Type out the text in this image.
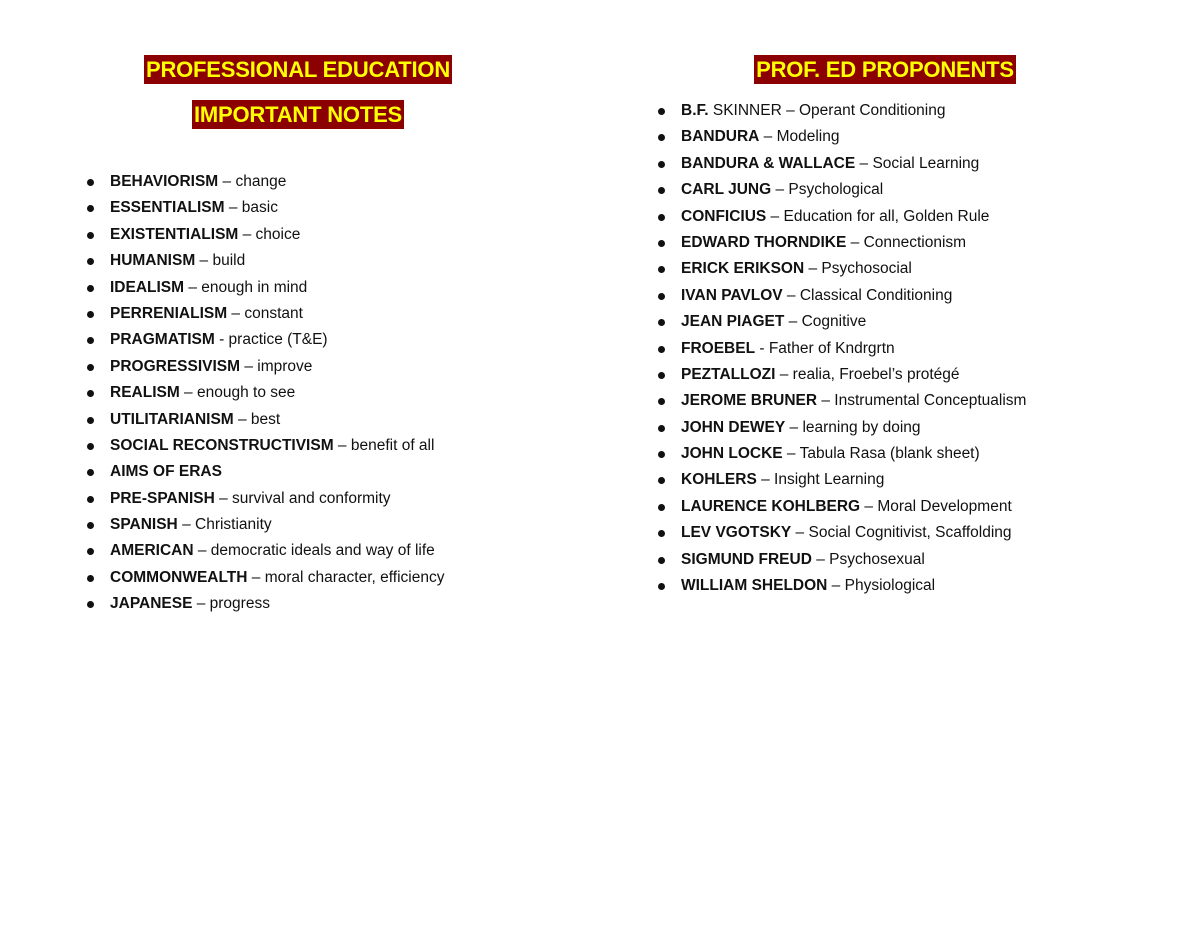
PROFESSIONAL EDUCATION
IMPORTANT NOTES
BEHAVIORISM – change
ESSENTIALISM – basic
EXISTENTIALISM – choice
HUMANISM – build
IDEALISM – enough in mind
PERRENIALISM – constant
PRAGMATISM - practice (T&E)
PROGRESSIVISM – improve
REALISM – enough to see
UTILITARIANISM – best
SOCIAL RECONSTRUCTIVISM – benefit of all
AIMS OF ERAS
PRE-SPANISH – survival and conformity
SPANISH – Christianity
AMERICAN – democratic ideals and way of life
COMMONWEALTH – moral character, efficiency
JAPANESE – progress
PROF. ED PROPONENTS
B.F. SKINNER – Operant Conditioning
BANDURA – Modeling
BANDURA & WALLACE – Social Learning
CARL JUNG – Psychological
CONFICIUS – Education for all, Golden Rule
EDWARD THORNDIKE – Connectionism
ERICK ERIKSON – Psychosocial
IVAN PAVLOV – Classical Conditioning
JEAN PIAGET – Cognitive
FROEBEL - Father of Kndrgrtn
PEZTALLOZI – realia, Froebel’s protégé
JEROME BRUNER – Instrumental Conceptualism
JOHN DEWEY – learning by doing
JOHN LOCKE – Tabula Rasa (blank sheet)
KOHLERS – Insight Learning
LAURENCE KOHLBERG – Moral Development
LEV VGOTSKY – Social Cognitivist, Scaffolding
SIGMUND FREUD – Psychosexual
WILLIAM SHELDON – Physiological
